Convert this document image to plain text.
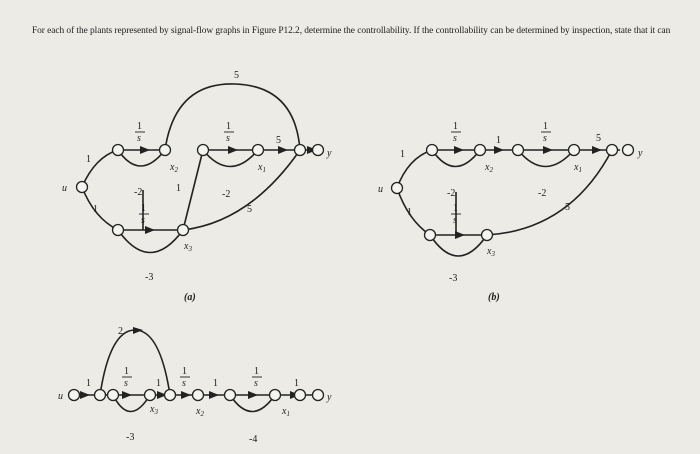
For each of the plants represented by signal-flow graphs in Figure P12.2, determine the controllability. If the controllability can be determined by inspection, state that it can
u
y
1
1
1
s
1
s
1
s
-2	-2
-3
1
5
5
5
$x_2$	$x_1$
$x_3$
(a)
u
y
1
1
1
s
1
s
1
s
1	5
-2	-2
-3
5
$x_2$	$x_1$
$x_3$
(b)
u	y
2
1	1	1	1
1
s
1
s
1
s
-3	-4
$x_3$	$x_2$	$x_1$
